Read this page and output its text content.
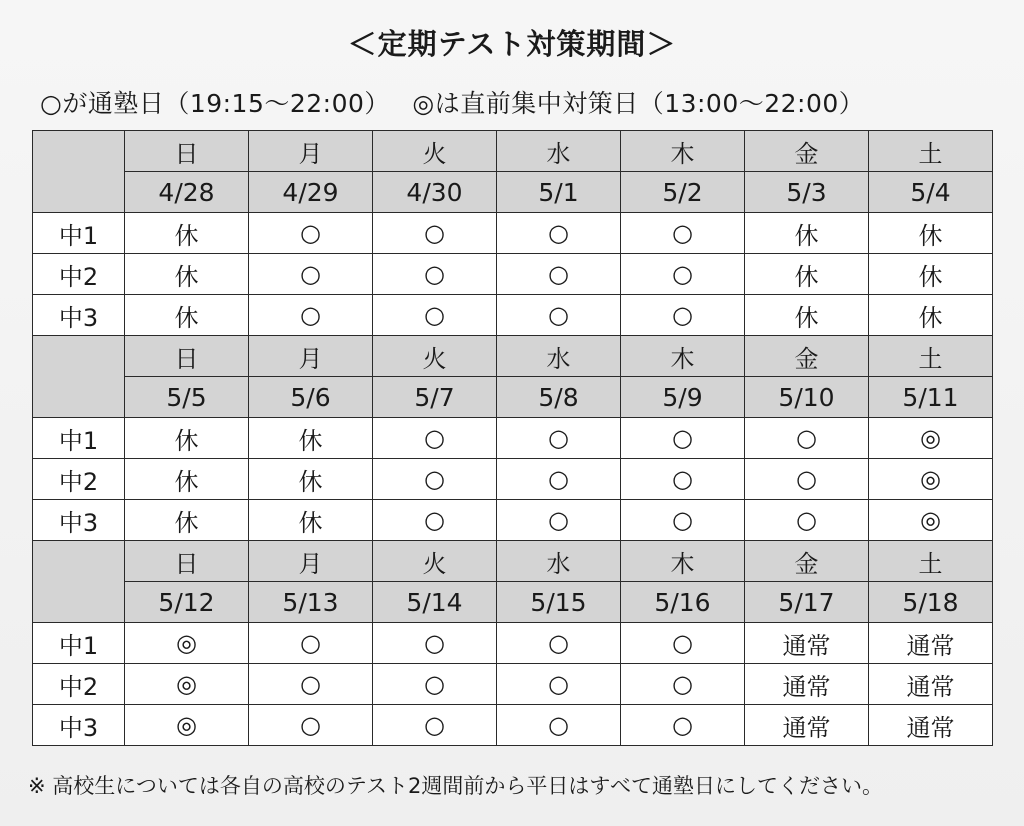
＜定期テスト対策期間＞
○が通塾日（19:15〜22:00） ◎は直前集中対策日（13:00〜22:00）
	日	月	火	水	木	金	土
	4/28	4/29	4/30	5/1	5/2	5/3	5/4
中1	休	○	○	○	○	休	休
中2	休	○	○	○	○	休	休
中3	休	○	○	○	○	休	休
	日	月	火	水	木	金	土
	5/5	5/6	5/7	5/8	5/9	5/10	5/11
中1	休	休	○	○	○	○	◎
中2	休	休	○	○	○	○	◎
中3	休	休	○	○	○	○	◎
	日	月	火	水	木	金	土
	5/12	5/13	5/14	5/15	5/16	5/17	5/18
中1	◎	○	○	○	○	通常	通常
中2	◎	○	○	○	○	通常	通常
中3	◎	○	○	○	○	通常	通常
※ 高校生については各自の高校のテスト2週間前から平日はすべて通塾日にしてください。
